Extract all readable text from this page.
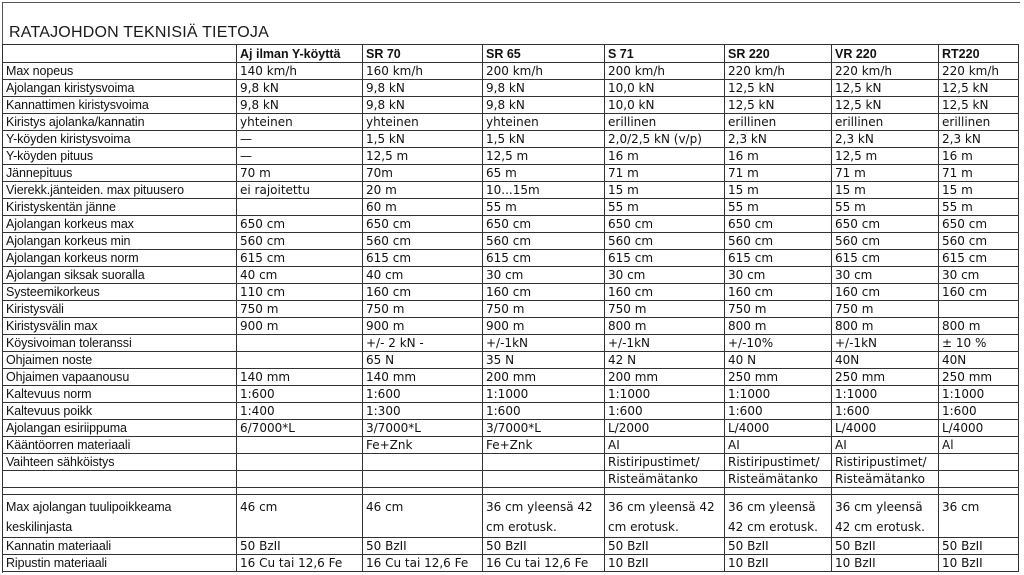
RATAJOHDON TEKNISIÄ TIETOJA
	Aj ilman Y-köyttä	SR 70	SR 65	S 71	SR 220	VR 220	RT220
Max nopeus	140 km/h	160 km/h	200 km/h	200 km/h	220 km/h	220 km/h	220 km/h
Ajolangan kiristysvoima	9,8 kN	9,8 kN	9,8 kN	10,0 kN	12,5 kN	12,5 kN	12,5 kN
Kannattimen kiristysvoima	9,8 kN	9,8 kN	9,8 kN	10,0 kN	12,5 kN	12,5 kN	12,5 kN
Kiristys ajolanka/kannatin	yhteinen	yhteinen	yhteinen	erillinen	erillinen	erillinen	erillinen
Y-köyden kiristysvoima	—	1,5 kN	1,5 kN	2,0/2,5 kN (v/p)	2,3 kN	2,3 kN	2,3 kN
Y-köyden pituus	—	12,5 m	12,5 m	16 m	16 m	12,5 m	16 m
Jännepituus	70 m	70m	65 m	71 m	71 m	71 m	71 m
Vierekk.jänteiden. max pituusero	ei rajoitettu	20 m	10...15m	15 m	15 m	15 m	15 m
Kiristyskentän jänne		60 m	55 m	55 m	55 m	55 m	55 m
Ajolangan korkeus max	650 cm	650 cm	650 cm	650 cm	650 cm	650 cm	650 cm
Ajolangan korkeus min	560 cm	560 cm	560 cm	560 cm	560 cm	560 cm	560 cm
Ajolangan korkeus norm	615 cm	615 cm	615 cm	615 cm	615 cm	615 cm	615 cm
Ajolangan siksak suoralla	40 cm	40 cm	30 cm	30 cm	30 cm	30 cm	30 cm
Systeemikorkeus	110 cm	160 cm	160 cm	160 cm	160 cm	160 cm	160 cm
Kiristysväli	750 m	750 m	750 m	750 m	750 m	750 m	
Kiristysvälin max	900 m	900 m	900 m	800 m	800 m	800 m	800 m
Köysivoiman toleranssi		+/- 2 kN -	+/-1kN	+/-1kN	+/-10%	+/-1kN	± 10 %
Ohjaimen noste		65 N	35 N	42 N	40 N	40N	40N
Ohjaimen vapaanousu	140 mm	140 mm	200 mm	200 mm	250 mm	250 mm	250 mm
Kaltevuus norm	1:600	1:600	1:1000	1:1000	1:1000	1:1000	1:1000
Kaltevuus poikk	1:400	1:300	1:600	1:600	1:600	1:600	1:600
Ajolangan esiriippuma	6/7000*L	3/7000*L	3/7000*L	L/2000	L/4000	L/4000	L/4000
Kääntöorren materiaali		Fe+Znk	Fe+Znk	AI	AI	AI	Al
Vaihteen sähköistys				Ristiripustimet/	Ristiripustimet/	Ristiripustimet/	
				Risteämätanko	Risteämätanko	Risteämätanko	

Max ajolangan tuulipoikkeama keskilinjasta	46 cm	46 cm	36 cm yleensä 42 cm erotusk.	36 cm yleensä 42 cm erotusk.	36 cm yleensä 42 cm erotusk.	36 cm yleensä 42 cm erotusk.	36 cm
Kannatin materiaali	50 BzII	50 BzII	50 BzII	50 BzII	50 BzII	50 BzII	50 BzII
Ripustin materiaali	16 Cu tai 12,6 Fe	16 Cu tai 12,6 Fe	16 Cu tai 12,6 Fe	10 BzII	10 BzII	10 BzII	10 BzII
